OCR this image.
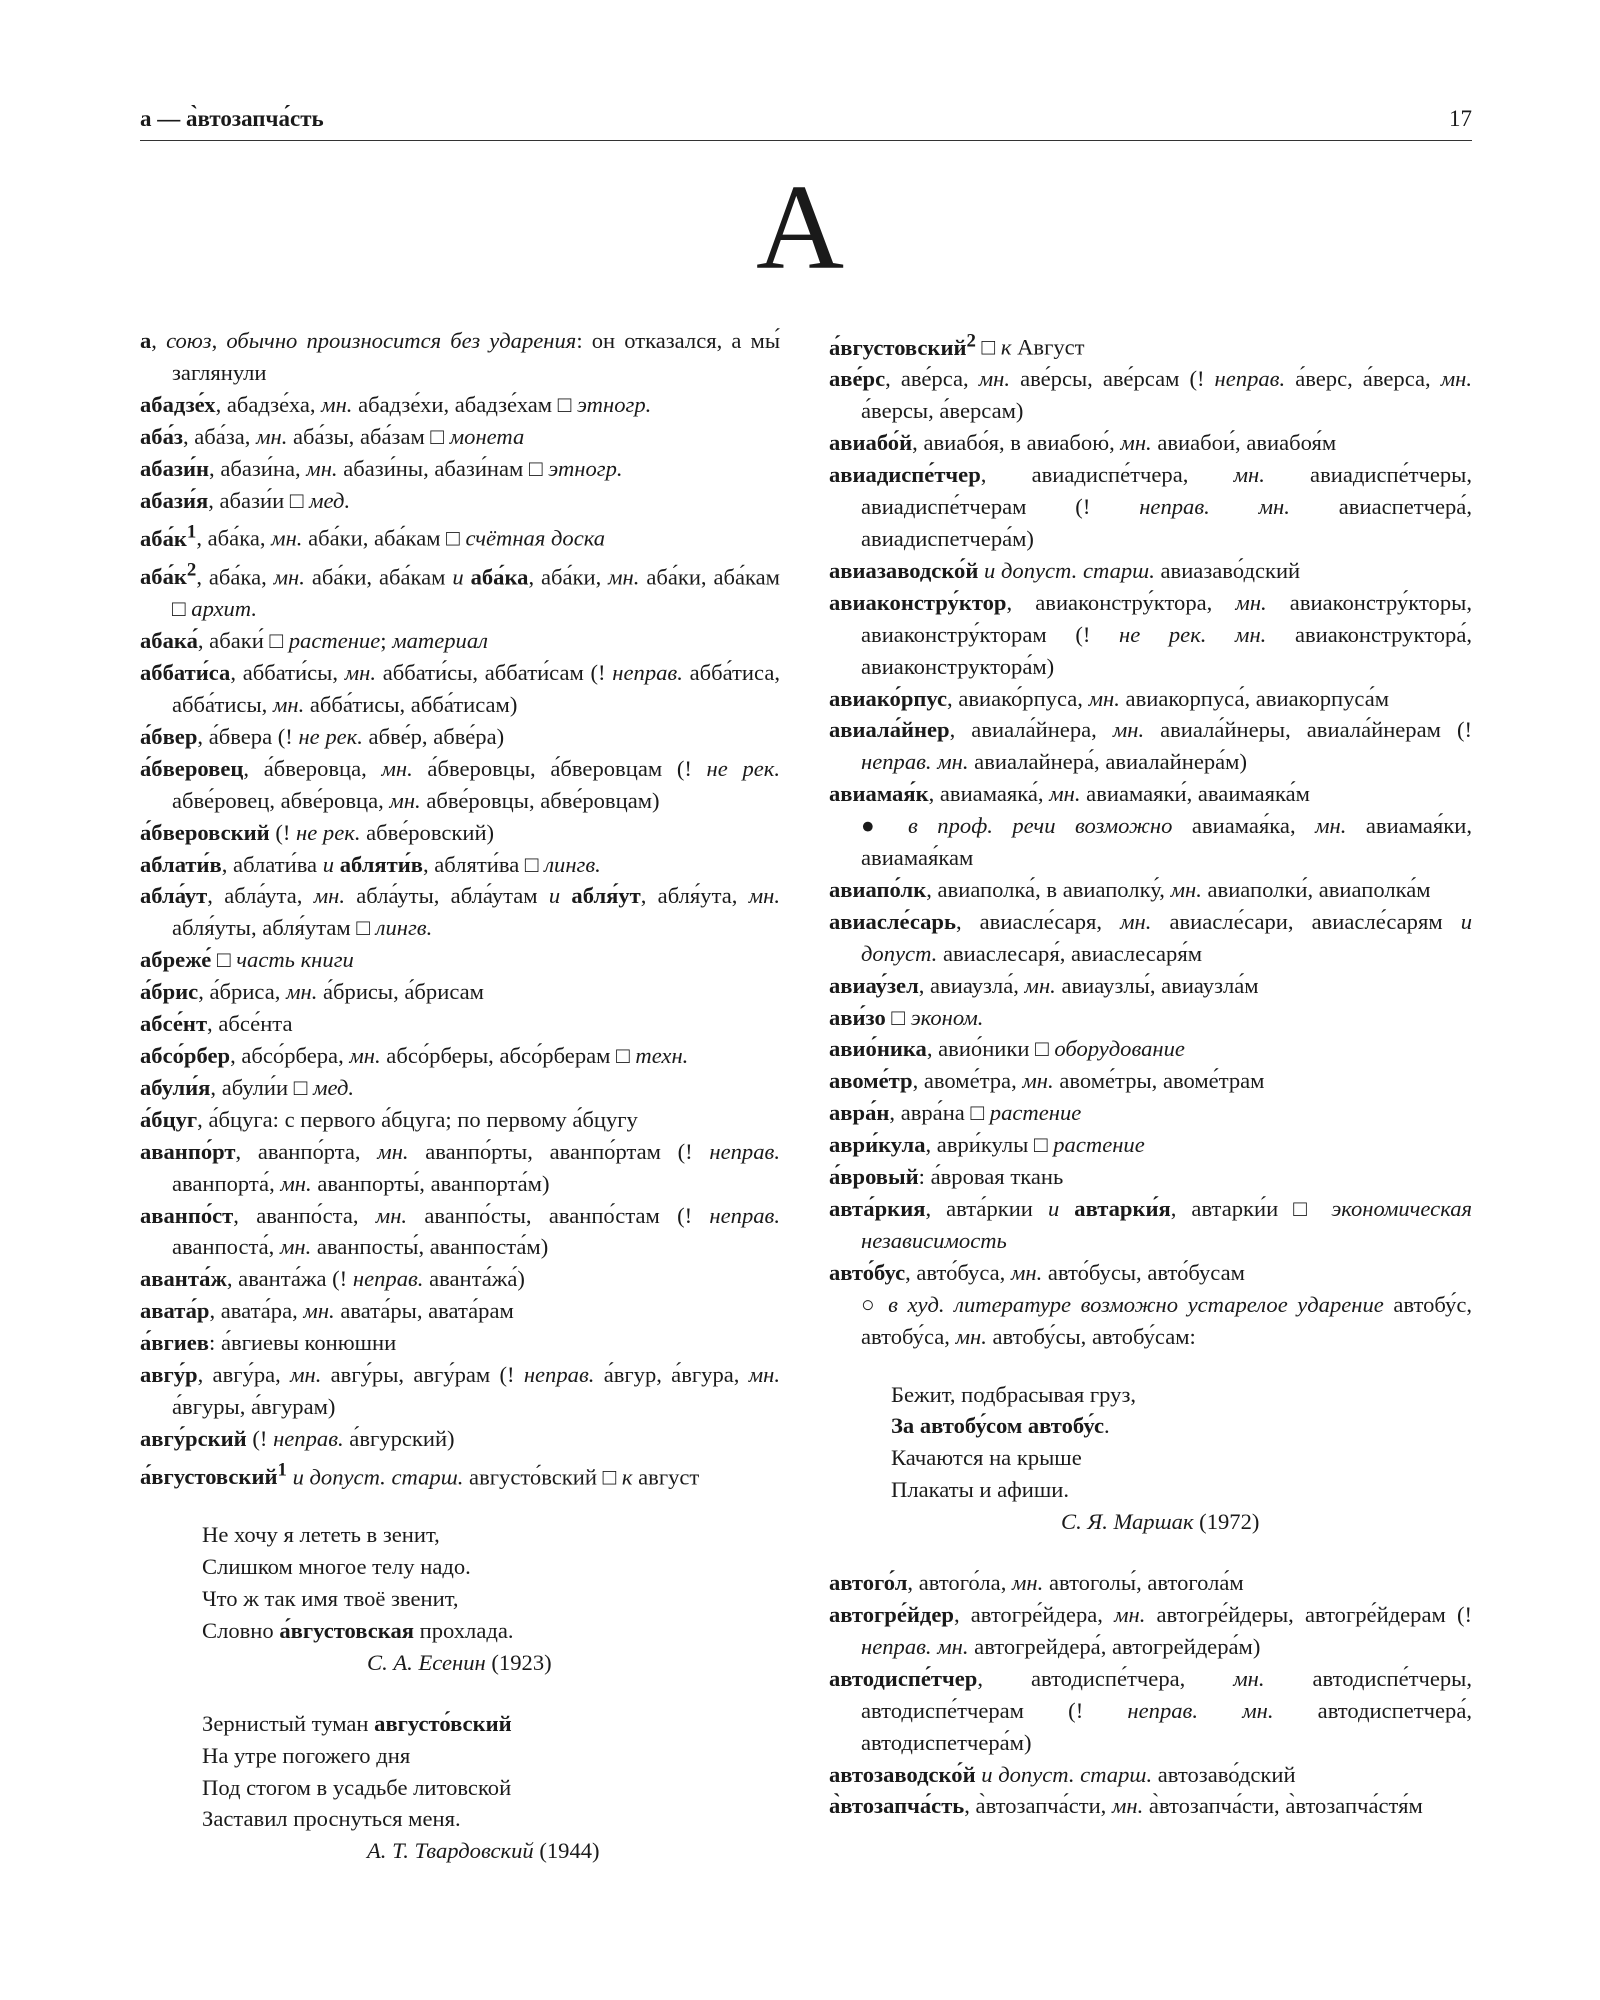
а — а̀втозапча́сть	17
А
а, союз, обычно произносится без ударения: он отказался, а мы́ заглянули
абадзе́х, абадзе́ха, мн. абадзе́хи, абадзе́хам □ этногр.
аба́з, аба́за, мн. аба́зы, аба́зам □ монета
абази́н, абази́на, мн. абази́ны, абази́нам □ этногр.
абази́я, абази́и □ мед.
$аба́к^1$, аба́ка, мн. аба́ки, аба́кам □ счётная доска
$аба́к^2$, аба́ка, мн. аба́ки, аба́кам и аба́ка, аба́ки, мн. аба́ки, аба́кам □ архит.
абака́, абаки́ □ растение; материал
аббати́са, аббати́сы, мн. аббати́сы, аббати́сам (! неправ. абба́тиса, абба́тисы, мн. абба́тисы, абба́тисам)
а́бвер, а́бвера (! не рек. абве́р, абве́ра)
а́бверовец, а́бверовца, мн. а́бверовцы, а́бверовцам (! не рек. абве́ровец, абве́ровца, мн. абве́ровцы, абве́ровцам)
а́бверовский (! не рек. абве́ровский)
аблати́в, аблати́ва и абляти́в, абляти́ва □ лингв.
абла́ут, абла́ута, мн. абла́уты, абла́утам и абля́ут, абля́ута, мн. абля́уты, абля́утам □ лингв.
абреже́ □ часть книги
а́брис, а́бриса, мн. а́брисы, а́брисам
абсе́нт, абсе́нта
абсо́рбер, абсо́рбера, мн. абсо́рберы, абсо́рберам □ техн.
абули́я, абули́и □ мед.
а́бцуг, а́бцуга: с первого а́бцуга; по первому а́бцугу
аванпо́рт, аванпо́рта, мн. аванпо́рты, аванпо́ртам (! неправ. аванпорта́, мн. аванпорты́, аванпорта́м)
аванпо́ст, аванпо́ста, мн. аванпо́сты, аванпо́стам (! неправ. аванпоста́, мн. аванпосты́, аванпоста́м)
аванта́ж, аванта́жа (! неправ. аванта́жа́)
авата́р, авата́ра, мн. авата́ры, авата́рам
а́вгиев: а́вгиевы конюшни
авгу́р, авгу́ра, мн. авгу́ры, авгу́рам (! неправ. а́вгур, а́вгура, мн. а́вгуры, а́вгурам)
авгу́рский (! неправ. а́вгурский)
а́вгустовский$^1$ и допуст. старш. августо́вский □ к август
Не хочу я лететь в зенит,
Слишком многое телу надо.
Что ж так имя твоё звенит,
Словно а́вгустовская прохлада.
С. А. Есенин (1923)
Зернистый туман августо́вский
На утре погожего дня
Под стогом в усадьбе литовской
Заставил проснуться меня.
А. Т. Твардовский (1944)
а́вгустовский$^2$ □ к Август
аве́рс, аве́рса, мн. аве́рсы, аве́рсам (! неправ. а́верс, а́верса, мн. а́версы, а́версам)
авиабо́й, авиабо́я, в авиабою́, мн. авиабои́, авиабоя́м
авиадиспе́тчер, авиадиспе́тчера, мн. авиадиспе́тчеры, авиадиспе́тчерам (! неправ. мн. авиаспетчера́, авиадиспетчера́м)
авиазаводско́й и допуст. старш. авиазаво́дский
авиаконстру́ктор, авиаконстру́ктора, мн. авиаконстру́кторы, авиаконстру́кторам (! не рек. мн. авиаконструктора́, авиаконструктора́м)
авиако́рпус, авиако́рпуса, мн. авиакорпуса́, авиакорпуса́м
авиала́йнер, авиала́йнера, мн. авиала́йнеры, авиала́йнерам (! неправ. мн. авиалайнера́, авиалайнера́м)
авиамая́к, авиамаяка́, мн. авиамаяки́, аваимаяка́м
● в проф. речи возможно авиамая́ка, мн. авиамая́ки, авиамая́кам
авиапо́лк, авиаполка́, в авиаполку́, мн. авиаполки́, авиаполка́м
авиасле́сарь, авиасле́саря, мн. авиасле́сари, авиасле́сарям и допуст. авиаслесаря́, авиаслесаря́м
авиау́зел, авиаузла́, мн. авиаузлы́, авиаузла́м
ави́зо □ эконом.
авио́ника, авио́ники □ оборудование
авоме́тр, авоме́тра, мн. авоме́тры, авоме́трам
авра́н, авра́на □ растение
аври́кула, аври́кулы □ растение
а́вровый: а́вровая ткань
авта́ркия, авта́ркии и автарки́я, автарки́и □ экономическая независимость
авто́бус, авто́буса, мн. авто́бусы, авто́бусам
○ в худ. литературе возможно устарелое ударение автобу́с, автобу́са, мн. автобу́сы, автобу́сам:
Бежит, подбрасывая груз,
За автобу́сом автобу́с.
Качаются на крыше
Плакаты и афиши.
С. Я. Маршак (1972)
автого́л, автого́ла, мн. автоголы́, автогола́м
автогре́йдер, автогре́йдера, мн. автогре́йдеры, автогре́йдерам (! неправ. мн. автогрейдера́, автогрейдера́м)
автодиспе́тчер, автодиспе́тчера, мн. автодиспе́тчеры, автодиспе́тчерам (! неправ. мн. автодиспетчера́, автодиспетчера́м)
автозаводско́й и допуст. старш. автозаво́дский
а̀втозапча́сть, а̀втозапча́сти, мн. а̀втозапча́сти, а̀втозапча́стя́м
